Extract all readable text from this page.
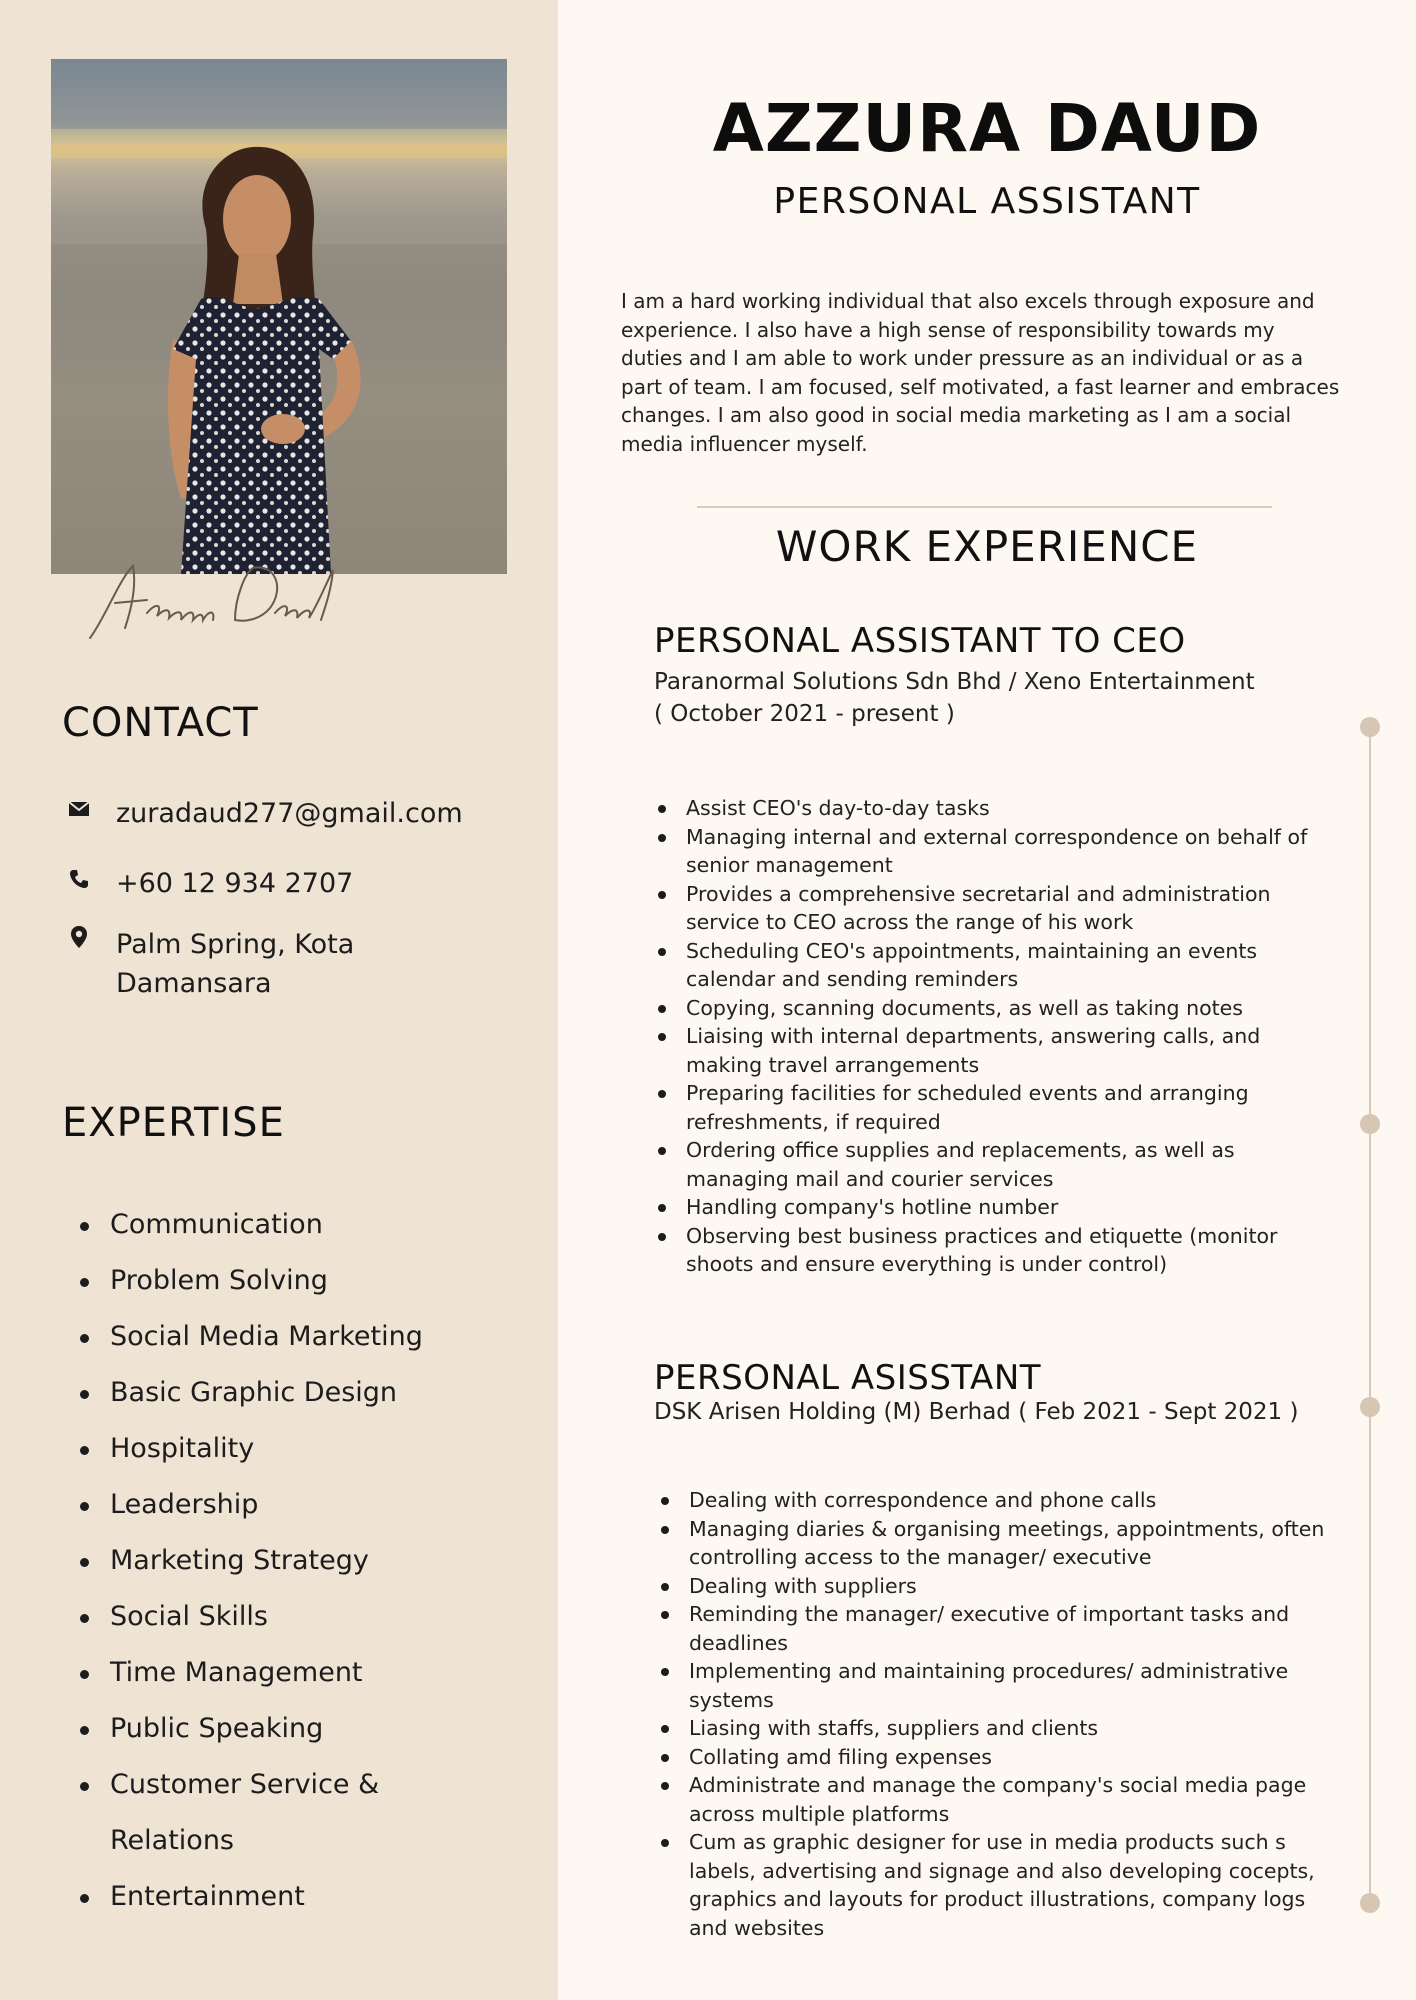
CONTACT
zuradaud277@gmail.com
+60 12 934 2707
Palm Spring, Kota Damansara
EXPERTISE
Communication
Problem Solving
Social Media Marketing
Basic Graphic Design
Hospitality
Leadership
Marketing Strategy
Social Skills
Time Management
Public Speaking
Customer Service & Relations
Entertainment
AZZURA DAUD
PERSONAL ASSISTANT

I am a hard working individual that also excels through exposure and experience. I also have a high sense of responsibility towards my duties and I am able to work under pressure as an individual or as a part of team. I am focused, self motivated, a fast learner and embraces changes. I am also good in social media marketing as I am a social media influencer myself.

WORK EXPERIENCE
PERSONAL ASSISTANT TO CEO
Paranormal Solutions Sdn Bhd / Xeno Entertainment
( October 2021 - present )
Assist CEO's day-to-day tasks
Managing internal and external correspondence on behalf of senior management
Provides a comprehensive secretarial and administration service to CEO across the range of his work
Scheduling CEO's appointments, maintaining an events calendar and sending reminders
Copying, scanning documents, as well as taking notes
Liaising with internal departments, answering calls, and making travel arrangements
Preparing facilities for scheduled events and arranging refreshments, if required
Ordering office supplies and replacements, as well as managing mail and courier services
Handling company's hotline number
Observing best business practices and etiquette (monitor shoots and ensure everything is under control)
PERSONAL ASISSTANT
DSK Arisen Holding (M) Berhad ( Feb 2021 - Sept 2021 )
Dealing with correspondence and phone calls
Managing diaries & organising meetings, appointments, often controlling access to the manager/ executive
Dealing with suppliers
Reminding the manager/ executive of important tasks and deadlines
Implementing and maintaining procedures/ administrative systems
Liasing with staffs, suppliers and clients
Collating amd filing expenses
Administrate and manage the company's social media page across multiple platforms
Cum as graphic designer for use in media products such s labels, advertising and signage and also developing cocepts, graphics and layouts for product illustrations, company logs and websites
